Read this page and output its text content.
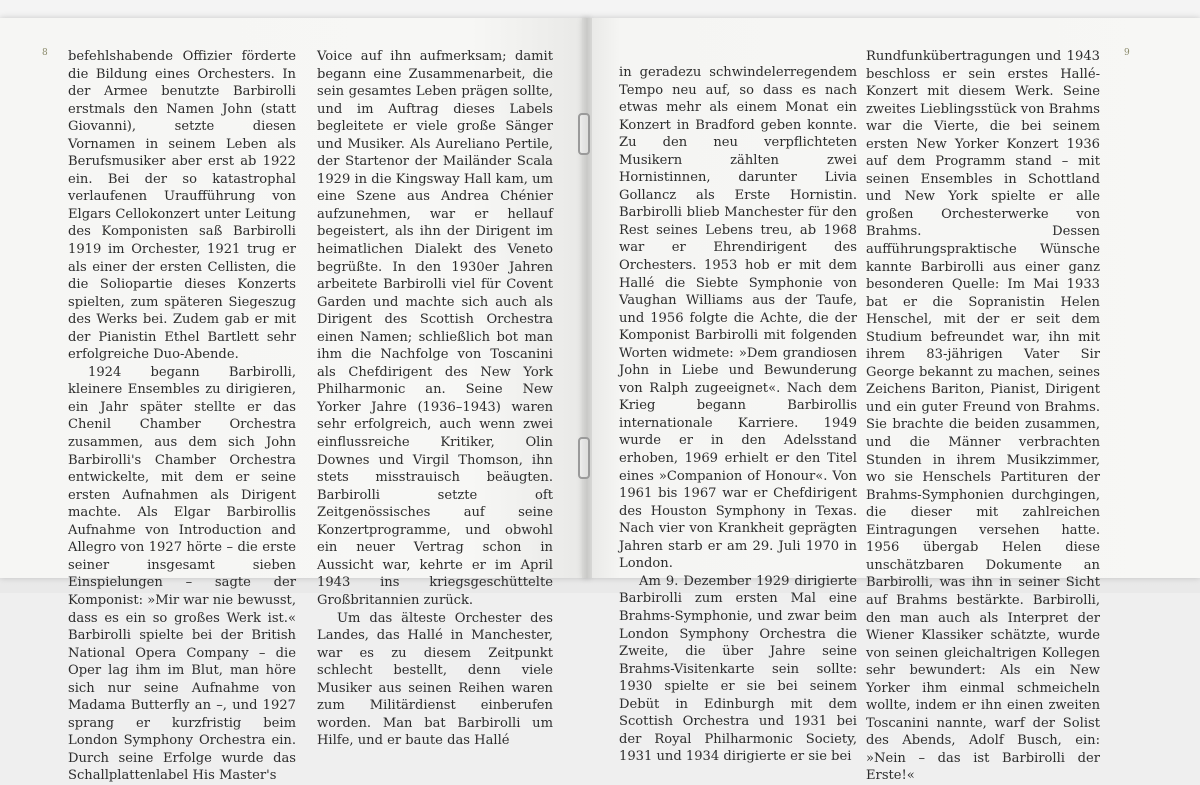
8	9

befehlshabende Offizier förderte die Bildung eines Orchesters. In der Armee benutzte Barbirolli erstmals den Namen John (statt Giovanni), setzte diesen Vornamen in seinem Leben als Berufsmusiker aber erst ab 1922 ein. Bei der so katastrophal verlaufenen Uraufführung von Elgars Cellokonzert unter Leitung des Komponisten saß Barbirolli 1919 im Orchester, 1921 trug er als einer der ersten Cellisten, die die Soliopartie dieses Konzerts spielten, zum späteren Siegeszug des Werks bei. Zudem gab er mit der Pianistin Ethel Bartlett sehr erfolgreiche Duo-Abende.

1924 begann Barbirolli, kleinere Ensembles zu dirigieren, ein Jahr später stellte er das Chenil Chamber Orchestra zusammen, aus dem sich John Barbirolli's Chamber Orchestra entwickelte, mit dem er seine ersten Aufnahmen als Dirigent machte. Als Elgar Barbirollis Aufnahme von Introduction and Allegro von 1927 hörte – die erste seiner insgesamt sieben Einspielungen – sagte der Komponist: »Mir war nie bewusst, dass es ein so großes Werk ist.« Barbirolli spielte bei der British National Opera Company – die Oper lag ihm im Blut, man höre sich nur seine Aufnahme von Madama Butterfly an –, und 1927 sprang er kurzfristig beim London Symphony Orchestra ein. Durch seine Erfolge wurde das Schallplattenlabel His Master's

Voice auf ihn aufmerksam; damit begann eine Zusammenarbeit, die sein gesamtes Leben prägen sollte, und im Auftrag dieses Labels begleitete er viele große Sänger und Musiker. Als Aureliano Pertile, der Startenor der Mailänder Scala 1929 in die Kingsway Hall kam, um eine Szene aus Andrea Chénier aufzunehmen, war er hellauf begeistert, als ihn der Dirigent im heimatlichen Dialekt des Veneto begrüßte. In den 1930er Jahren arbeitete Barbirolli viel für Covent Garden und machte sich auch als Dirigent des Scottish Orchestra einen Namen; schließlich bot man ihm die Nachfolge von Toscanini als Chefdirigent des New York Philharmonic an. Seine New Yorker Jahre (1936–1943) waren sehr erfolgreich, auch wenn zwei einflussreiche Kritiker, Olin Downes und Virgil Thomson, ihn stets misstrauisch beäugten. Barbirolli setzte oft Zeitgenössisches auf seine Konzertprogramme, und obwohl ein neuer Vertrag schon in Aussicht war, kehrte er im April 1943 ins kriegsgeschüttelte Großbritannien zurück.

Um das älteste Orchester des Landes, das Hallé in Manchester, war es zu diesem Zeitpunkt schlecht bestellt, denn viele Musiker aus seinen Reihen waren zum Militärdienst einberufen worden. Man bat Barbirolli um Hilfe, und er baute das Hallé

in geradezu schwindelerregendem Tempo neu auf, so dass es nach etwas mehr als einem Monat ein Konzert in Bradford geben konnte. Zu den neu verpflichteten Musikern zählten zwei Hornistinnen, darunter Livia Gollancz als Erste Hornistin. Barbirolli blieb Manchester für den Rest seines Lebens treu, ab 1968 war er Ehrendirigent des Orchesters. 1953 hob er mit dem Hallé die Siebte Symphonie von Vaughan Williams aus der Taufe, und 1956 folgte die Achte, die der Komponist Barbirolli mit folgenden Worten widmete: »Dem grandiosen John in Liebe und Bewunderung von Ralph zugeeignet«. Nach dem Krieg begann Barbirollis internationale Karriere. 1949 wurde er in den Adelsstand erhoben, 1969 erhielt er den Titel eines »Companion of Honour«. Von 1961 bis 1967 war er Chefdirigent des Houston Symphony in Texas. Nach vier von Krankheit geprägten Jahren starb er am 29. Juli 1970 in London.

Am 9. Dezember 1929 dirigierte Barbirolli zum ersten Mal eine Brahms-Symphonie, und zwar beim London Symphony Orchestra die Zweite, die über Jahre seine Brahms-Visitenkarte sein sollte: 1930 spielte er sie bei seinem Debüt in Edinburgh mit dem Scottish Orchestra und 1931 bei der Royal Philharmonic Society, 1931 und 1934 dirigierte er sie bei

Rundfunkübertragungen und 1943 beschloss er sein erstes Hallé-Konzert mit diesem Werk. Seine zweites Lieblingsstück von Brahms war die Vierte, die bei seinem ersten New Yorker Konzert 1936 auf dem Programm stand – mit seinen Ensembles in Schottland und New York spielte er alle großen Orchesterwerke von Brahms. Dessen aufführungspraktische Wünsche kannte Barbirolli aus einer ganz besonderen Quelle: Im Mai 1933 bat er die Sopranistin Helen Henschel, mit der er seit dem Studium befreundet war, ihn mit ihrem 83-jährigen Vater Sir George bekannt zu machen, seines Zeichens Bariton, Pianist, Dirigent und ein guter Freund von Brahms. Sie brachte die beiden zusammen, und die Männer verbrachten Stunden in ihrem Musikzimmer, wo sie Henschels Partituren der Brahms-Symphonien durchgingen, die dieser mit zahlreichen Eintragungen versehen hatte. 1956 übergab Helen diese unschätzbaren Dokumente an Barbirolli, was ihn in seiner Sicht auf Brahms bestärkte. Barbirolli, den man auch als Interpret der Wiener Klassiker schätzte, wurde von seinen gleichaltrigen Kollegen sehr bewundert: Als ein New Yorker ihm einmal schmeicheln wollte, indem er ihn einen zweiten Toscanini nannte, warf der Solist des Abends, Adolf Busch, ein: »Nein – das ist Barbirolli der Erste!«
